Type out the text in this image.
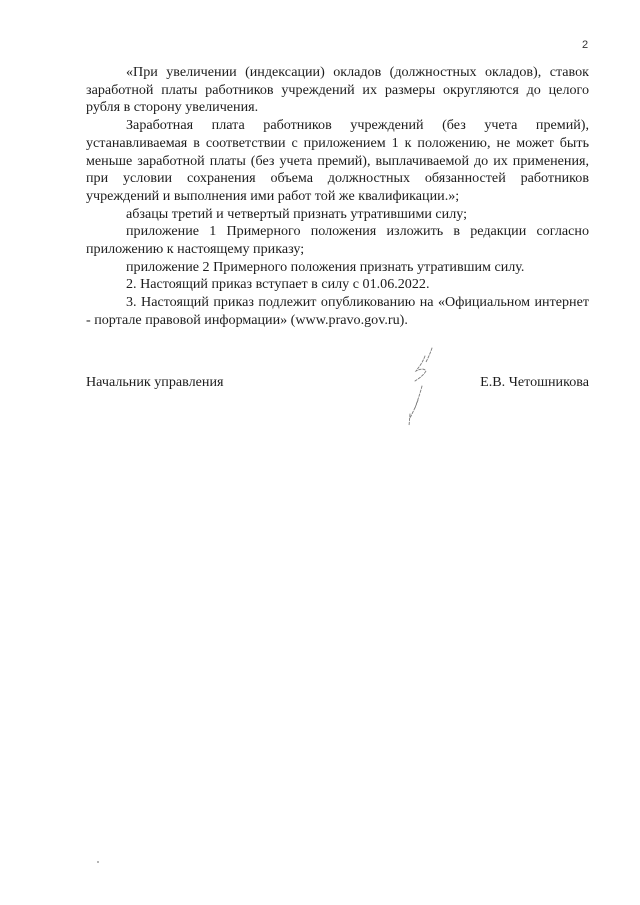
2

«При увеличении (индексации) окладов (должностных окладов), ставок заработной платы работников учреждений их размеры округляются до целого рубля в сторону увеличения.

Заработная плата работников учреждений (без учета премий), устанавливаемая в соответствии с приложением 1 к положению, не может быть меньше заработной платы (без учета премий), выплачиваемой до их применения, при условии сохранения объема должностных обязанностей работников учреждений и выполнения ими работ той же квалификации.»;

абзацы третий и четвертый признать утратившими силу;

приложение 1 Примерного положения изложить в редакции согласно приложению к настоящему приказу;

приложение 2 Примерного положения признать утратившим силу.

2. Настоящий приказ вступает в силу с 01.06.2022.

3. Настоящий приказ подлежит опубликованию на «Официальном интернет - портале правовой информации» (www.pravo.gov.ru).

Начальник управления	Е.В. Четошникова
